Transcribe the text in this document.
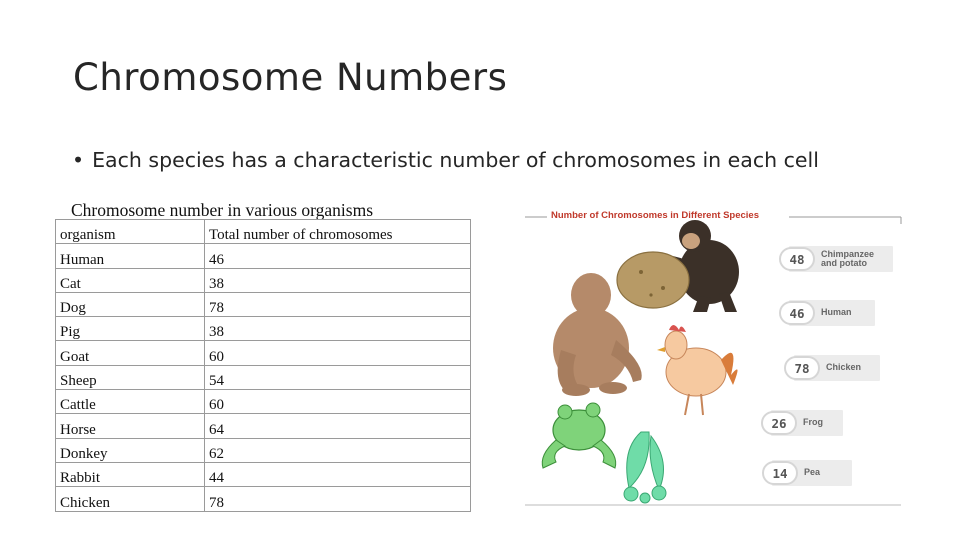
Chromosome Numbers
• Each species has a characteristic number of chromosomes in each cell

Chromosome number in various organisms

organism	Total number of chromosomes
Human	46
Cat	38
Dog	78
Pig	38
Goat	60
Sheep	54
Cattle	60
Horse	64
Donkey	62
Rabbit	44
Chicken	78

Number of Chromosomes in Different Species

48	Chimpanzee and potato
46	Human
78	Chicken
26	Frog
14	Pea
